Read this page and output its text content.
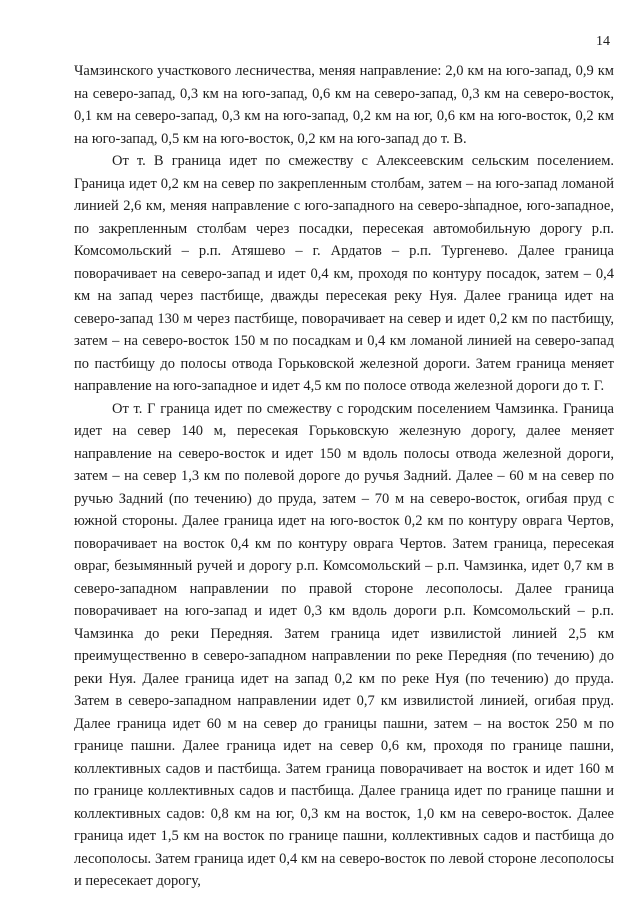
14

Чамзинского участкового лесничества, меняя направление: 2,0 км на юго-запад, 0,9 км на северо-запад, 0,3 км на юго-запад, 0,6 км на северо-запад, 0,3 км на северо-восток, 0,1 км на северо-запад, 0,3 км на юго-запад, 0,2 км на юг, 0,6 км на юго-восток, 0,2 км на юго-запад, 0,5 км на юго-восток, 0,2 км на юго-запад до т. В.

От т. В граница идет по смежеству с Алексеевским сельским поселением. Граница идет 0,2 км на север по закрепленным столбам, затем – на юго-запад ломаной линией 2,6 км, меняя направление с юго-западного на северо-западное, юго-западное, по закрепленным столбам через посадки, пересекая автомобильную дорогу р.п. Комсомольский – р.п. Атяшево – г. Ардатов – р.п. Тургенево. Далее граница поворачивает на северо-запад и идет 0,4 км, проходя по контуру посадок, затем – 0,4 км на запад через пастбище, дважды пересекая реку Нуя. Далее граница идет на северо-запад 130 м через пастбище, поворачивает на север и идет 0,2 км по пастбищу, затем – на северо-восток 150 м по посадкам и 0,4 км ломаной линией на северо-запад по пастбищу до полосы отвода Горьковской железной дороги. Затем граница меняет направление на юго-западное и идет 4,5 км по полосе отвода железной дороги до т. Г.

От т. Г граница идет по смежеству с городским поселением Чамзинка. Граница идет на север 140 м, пересекая Горьковскую железную дорогу, далее меняет направление на северо-восток и идет 150 м вдоль полосы отвода железной дороги, затем – на север 1,3 км по полевой дороге до ручья Задний. Далее – 60 м на север по ручью Задний (по течению) до пруда, затем – 70 м на северо-восток, огибая пруд с южной стороны. Далее граница идет на юго-восток 0,2 км по контуру оврага Чертов, поворачивает на восток 0,4 км по контуру оврага Чертов. Затем граница, пересекая овраг, безымянный ручей и дорогу р.п. Комсомольский – р.п. Чамзинка, идет 0,7 км в северо-западном направлении по правой стороне лесополосы. Далее граница поворачивает на юго-запад и идет 0,3 км вдоль дороги р.п. Комсомольский – р.п. Чамзинка до реки Передняя. Затем граница идет извилистой линией 2,5 км преимущественно в северо-западном направлении по реке Передняя (по течению) до реки Нуя. Далее граница идет на запад 0,2 км по реке Нуя (по течению) до пруда. Затем в северо-западном направлении идет 0,7 км извилистой линией, огибая пруд. Далее граница идет 60 м на север до границы пашни, затем – на восток 250 м по границе пашни. Далее граница идет на север 0,6 км, проходя по границе пашни, коллективных садов и пастбища. Затем граница поворачивает на восток и идет 160 м по границе коллективных садов и пастбища. Далее граница идет по границе пашни и коллективных садов: 0,8 км на юг, 0,3 км на восток, 1,0 км на северо-восток. Далее граница идет 1,5 км на восток по границе пашни, коллективных садов и пастбища до лесополосы. Затем граница идет 0,4 км на северо-восток по левой стороне лесополосы и пересекает дорогу,
